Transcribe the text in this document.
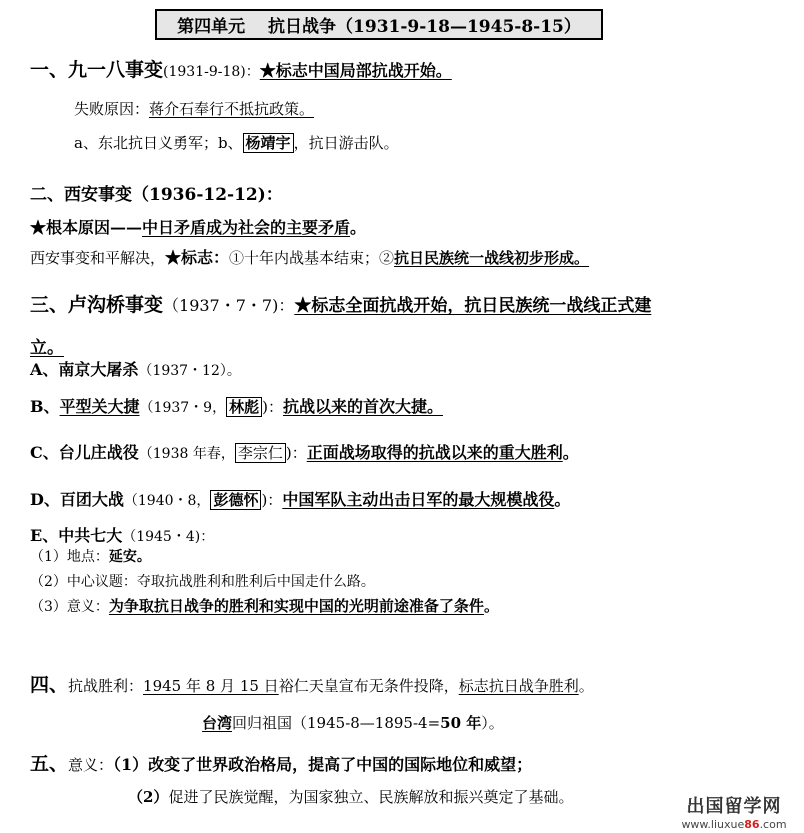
第四单元　 抗日战争（1931-9-18—1945-8-15）
一、九一八事变(1931-9-18)：★标志中国局部抗战开始。
失败原因：蒋介石奉行不抵抗政策。
a、东北抗日义勇军；b、 杨靖宇 ，抗日游击队。
二、西安事变（1936-12-12)：
★根本原因——中日矛盾成为社会的主要矛盾。
西安事变和平解决，★标志：①十年内战基本结束；②抗日民族统一战线初步形成。
三、卢沟桥事变（1937・7・7)：★标志全面抗战开始，抗日民族统一战线正式建
立。
A、南京大屠杀（1937・12）。
B、平型关大捷（1937・9， 林彪 )：抗战以来的首次大捷。
C、台儿庄战役（1938 年春， 李宗仁 )：正面战场取得的抗战以来的重大胜利。
D、百团大战（1940・8， 彭德怀 )：中国军队主动出击日军的最大规模战役。
E、中共七大（1945・4)：
（1）地点：延安。
（2）中心议题：夺取抗战胜利和胜利后中国走什么路。
（3）意义：为争取抗日战争的胜利和实现中国的光明前途准备了条件。
四、抗战胜利：1945 年 8 月 15 日裕仁天皇宣布无条件投降，标志抗日战争胜利。
台湾回归祖国（1945-8—1895-4=50 年）。
五、意义：（1）改变了世界政治格局，提高了中国的国际地位和威望；
（2）促进了民族觉醒，为国家独立、民族解放和振兴奠定了基础。	出国留学网
www.liuxue86.com
